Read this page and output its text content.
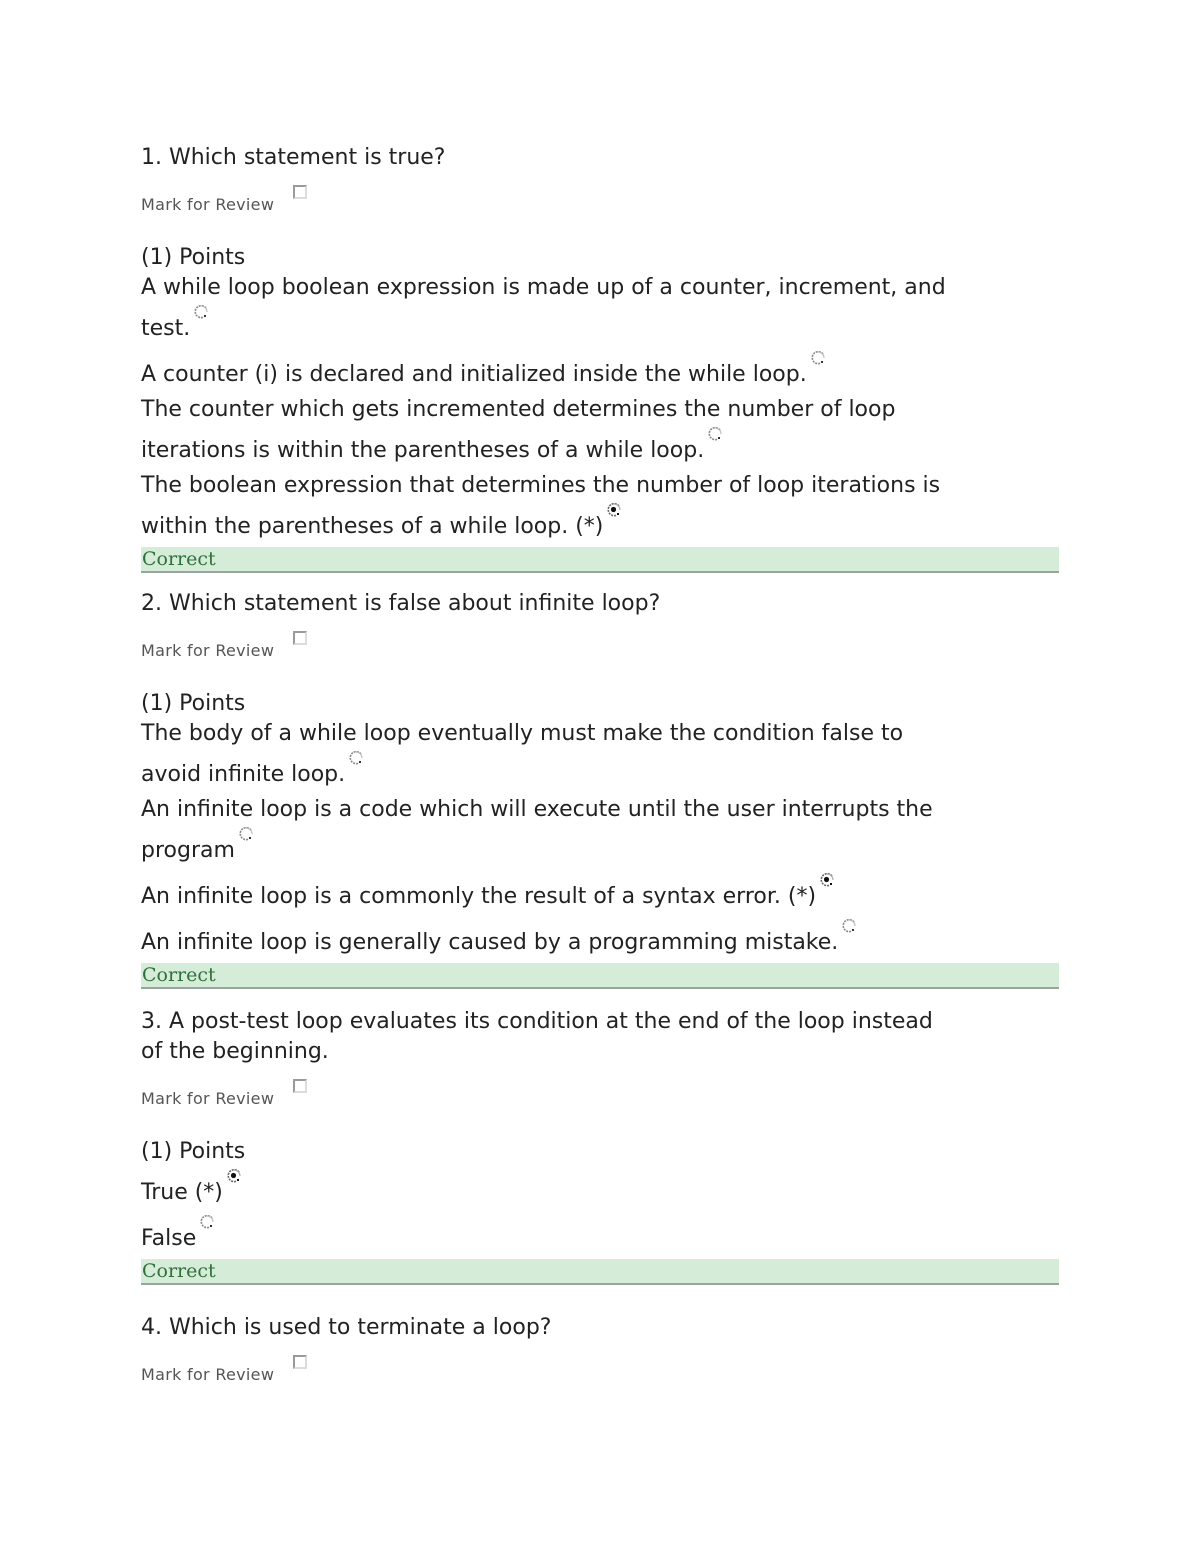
1. Which statement is true?

Mark for Review
(1) Points
A while loop boolean expression is made up of a counter, increment, and
test.
A counter (i) is declared and initialized inside the while loop.
The counter which gets incremented determines the number of loop
iterations is within the parentheses of a while loop.
The boolean expression that determines the number of loop iterations is
within the parentheses of a while loop. (*)
Correct

2. Which statement is false about infinite loop?

Mark for Review
(1) Points
The body of a while loop eventually must make the condition false to
avoid infinite loop.
An infinite loop is a code which will execute until the user interrupts the
program
An infinite loop is a commonly the result of a syntax error. (*)
An infinite loop is generally caused by a programming mistake.
Correct

3. A post-test loop evaluates its condition at the end of the loop instead
of the beginning.

Mark for Review
(1) Points
True (*)
False
Correct

4. Which is used to terminate a loop?

Mark for Review
